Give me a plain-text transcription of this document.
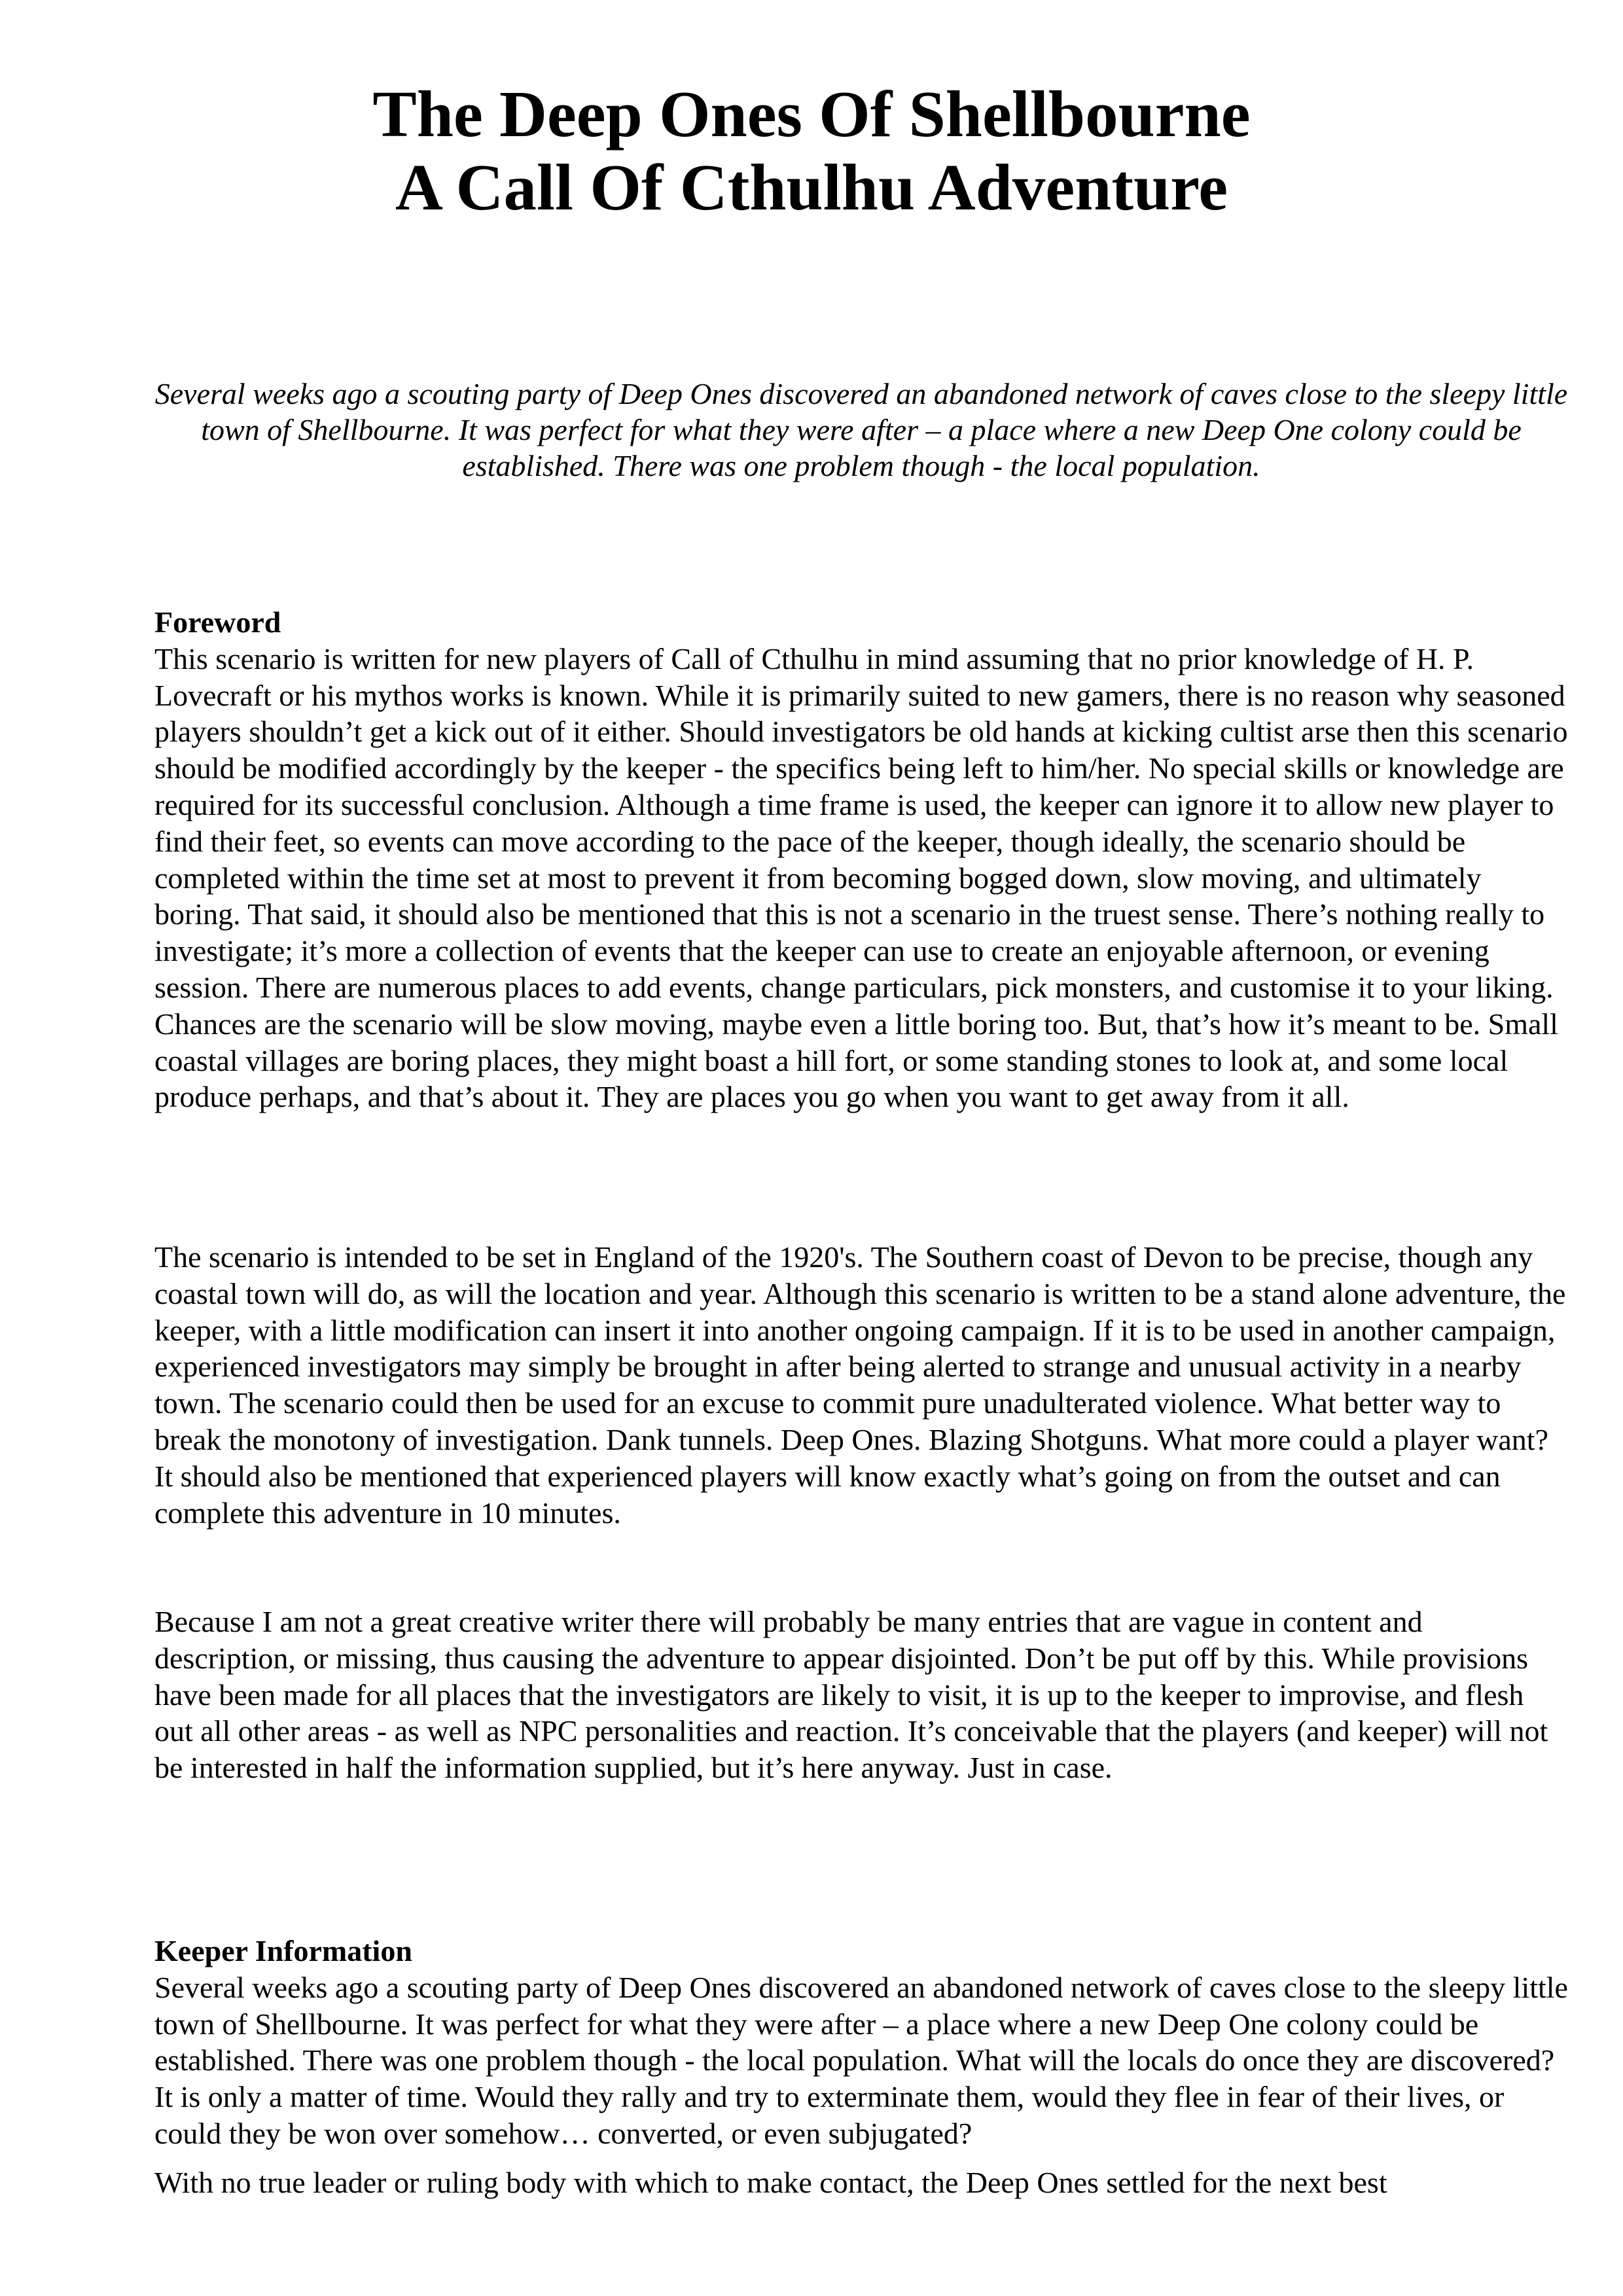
The Deep Ones Of Shellbourne
A Call Of Cthulhu Adventure

Several weeks ago a scouting party of Deep Ones discovered an abandoned network of caves close to the sleepy little town of Shellbourne. It was perfect for what they were after – a place where a new Deep One colony could be established. There was one problem though - the local population.

Foreword
This scenario is written for new players of Call of Cthulhu in mind assuming that no prior knowledge of H. P. Lovecraft or his mythos works is known. While it is primarily suited to new gamers, there is no reason why seasoned players shouldn’t get a kick out of it either. Should investigators be old hands at kicking cultist arse then this scenario should be modified accordingly by the keeper - the specifics being left to him/her. No special skills or knowledge are required for its successful conclusion. Although a time frame is used, the keeper can ignore it to allow new player to find their feet, so events can move according to the pace of the keeper, though ideally, the scenario should be completed within the time set at most to prevent it from becoming bogged down, slow moving, and ultimately boring. That said, it should also be mentioned that this is not a scenario in the truest sense. There’s nothing really to investigate; it’s more a collection of events that the keeper can use to create an enjoyable afternoon, or evening session. There are numerous places to add events, change particulars, pick monsters, and customise it to your liking. Chances are the scenario will be slow moving, maybe even a little boring too. But, that’s how it’s meant to be. Small coastal villages are boring places, they might boast a hill fort, or some standing stones to look at, and some local produce perhaps, and that’s about it. They are places you go when you want to get away from it all.

The scenario is intended to be set in England of the 1920's. The Southern coast of Devon to be precise, though any coastal town will do, as will the location and year. Although this scenario is written to be a stand alone adventure, the keeper, with a little modification can insert it into another ongoing campaign. If it is to be used in another campaign, experienced investigators may simply be brought in after being alerted to strange and unusual activity in a nearby town. The scenario could then be used for an excuse to commit pure unadulterated violence. What better way to break the monotony of investigation. Dank tunnels. Deep Ones. Blazing Shotguns. What more could a player want? It should also be mentioned that experienced players will know exactly what’s going on from the outset and can complete this adventure in 10 minutes.

Because I am not a great creative writer there will probably be many entries that are vague in content and description, or missing, thus causing the adventure to appear disjointed. Don’t be put off by this. While provisions have been made for all places that the investigators are likely to visit, it is up to the keeper to improvise, and flesh out all other areas - as well as NPC personalities and reaction. It’s conceivable that the players (and keeper) will not be interested in half the information supplied, but it’s here anyway. Just in case.

Keeper Information
Several weeks ago a scouting party of Deep Ones discovered an abandoned network of caves close to the sleepy little town of Shellbourne. It was perfect for what they were after – a place where a new Deep One colony could be established. There was one problem though - the local population. What will the locals do once they are discovered? It is only a matter of time. Would they rally and try to exterminate them, would they flee in fear of their lives, or could they be won over somehow… converted, or even subjugated?

With no true leader or ruling body with which to make contact, the Deep Ones settled for the next best
